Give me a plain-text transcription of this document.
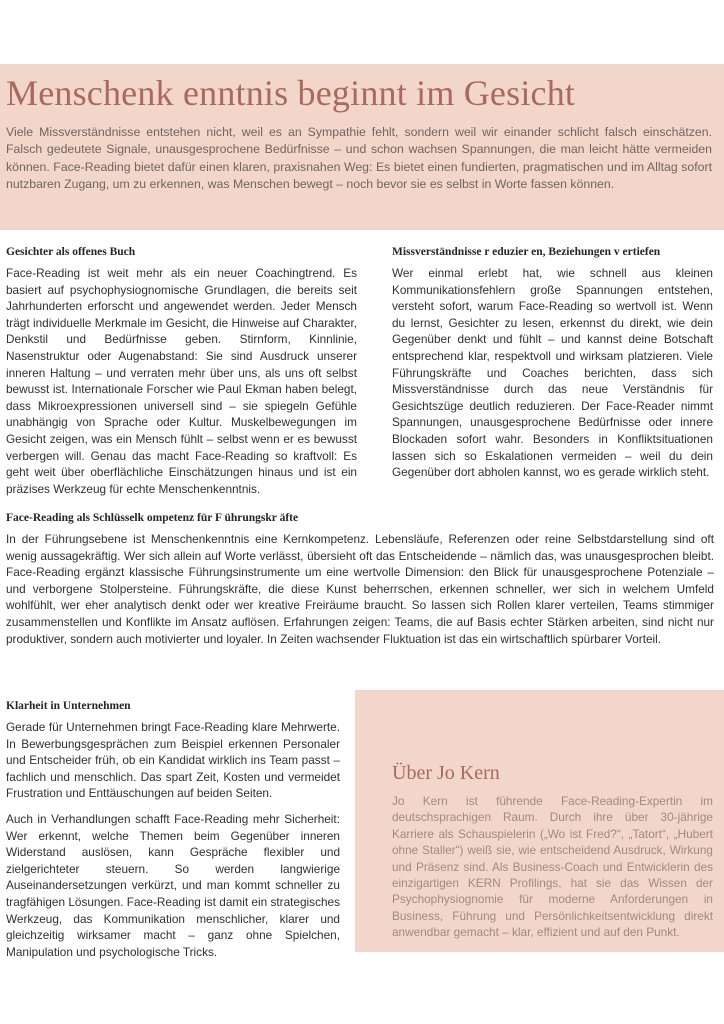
Menschenk enntnis beginnt im Gesicht

Viele Missverständnisse entstehen nicht, weil es an Sympathie fehlt, sondern weil wir einander schlicht falsch einschätzen. Falsch gedeutete Signale, unausgesprochene Bedürfnisse – und schon wachsen Spannungen, die man leicht hätte vermeiden können. Face-Reading bietet dafür einen klaren, praxisnahen Weg: Es bietet einen fundierten, pragmatischen und im Alltag sofort nutzbaren Zugang, um zu erkennen, was Menschen bewegt – noch bevor sie es selbst in Worte fassen können.

Gesichter als offenes Buch

Face-Reading ist weit mehr als ein neuer Coachingtrend. Es basiert auf psychophysiognomische Grundlagen, die bereits seit Jahrhunderten erforscht und angewendet werden. Jeder Mensch trägt individuelle Merkmale im Gesicht, die Hinweise auf Charakter, Denkstil und Bedürfnisse geben. Stirnform, Kinnlinie, Nasenstruktur oder Augenabstand: Sie sind Ausdruck unserer inneren Haltung – und verraten mehr über uns, als uns oft selbst bewusst ist. Internationale Forscher wie Paul Ekman haben belegt, dass Mikroexpressionen universell sind – sie spiegeln Gefühle unabhängig von Sprache oder Kultur. Muskelbewegungen im Gesicht zeigen, was ein Mensch fühlt – selbst wenn er es bewusst verbergen will. Genau das macht Face-Reading so kraftvoll: Es geht weit über oberflächliche Einschätzungen hinaus und ist ein präzises Werkzeug für echte Menschenkenntnis.

Missverständnisse r eduzier en, Beziehungen v ertiefen

Wer einmal erlebt hat, wie schnell aus kleinen Kommunikationsfehlern große Spannungen entstehen, versteht sofort, warum Face-Reading so wertvoll ist. Wenn du lernst, Gesichter zu lesen, erkennst du direkt, wie dein Gegenüber denkt und fühlt – und kannst deine Botschaft entsprechend klar, respektvoll und wirksam platzieren. Viele Führungskräfte und Coaches berichten, dass sich Missverständnisse durch das neue Verständnis für Gesichtszüge deutlich reduzieren. Der Face-Reader nimmt Spannungen, unausgesprochene Bedürfnisse oder innere Blockaden sofort wahr. Besonders in Konfliktsituationen lassen sich so Eskalationen vermeiden – weil du dein Gegenüber dort abholen kannst, wo es gerade wirklich steht.

Face-Reading als Schlüsselk ompetenz für F ührungskr äfte

In der Führungsebene ist Menschenkenntnis eine Kernkompetenz. Lebensläufe, Referenzen oder reine Selbstdarstellung sind oft wenig aussagekräftig. Wer sich allein auf Worte verlässt, übersieht oft das Entscheidende – nämlich das, was unausgesprochen bleibt. Face-Reading ergänzt klassische Führungsinstrumente um eine wertvolle Dimension: den Blick für unausgesprochene Potenziale – und verborgene Stolpersteine. Führungskräfte, die diese Kunst beherrschen, erkennen schneller, wer sich in welchem Umfeld wohlfühlt, wer eher analytisch denkt oder wer kreative Freiräume braucht. So lassen sich Rollen klarer verteilen, Teams stimmiger zusammenstellen und Konflikte im Ansatz auflösen. Erfahrungen zeigen: Teams, die auf Basis echter Stärken arbeiten, sind nicht nur produktiver, sondern auch motivierter und loyaler. In Zeiten wachsender Fluktuation ist das ein wirtschaftlich spürbarer Vorteil.

Klarheit in Unternehmen

Gerade für Unternehmen bringt Face-Reading klare Mehrwerte. In Bewerbungsgesprächen zum Beispiel erkennen Personaler und Entscheider früh, ob ein Kandidat wirklich ins Team passt – fachlich und menschlich. Das spart Zeit, Kosten und vermeidet Frustration und Enttäuschungen auf beiden Seiten.

Auch in Verhandlungen schafft Face-Reading mehr Sicherheit: Wer erkennt, welche Themen beim Gegenüber inneren Widerstand auslösen, kann Gespräche flexibler und zielgerichteter steuern. So werden langwierige Auseinandersetzungen verkürzt, und man kommt schneller zu tragfähigen Lösungen. Face-Reading ist damit ein strategisches Werkzeug, das Kommunikation menschlicher, klarer und gleichzeitig wirksamer macht – ganz ohne Spielchen, Manipulation und psychologische Tricks.

Über Jo Kern

Jo Kern ist führende Face-Reading-Expertin im deutschsprachigen Raum. Durch ihre über 30-jährige Karriere als Schauspielerin („Wo ist Fred?“, „Tatort“, „Hubert ohne Staller“) weiß sie, wie entscheidend Ausdruck, Wirkung und Präsenz sind. Als Business-Coach und Entwicklerin des einzigartigen KERN Profilings, hat sie das Wissen der Psychophysiognomie für moderne Anforderungen in Business, Führung und Persönlichkeitsentwicklung direkt anwendbar gemacht – klar, effizient und auf den Punkt.
